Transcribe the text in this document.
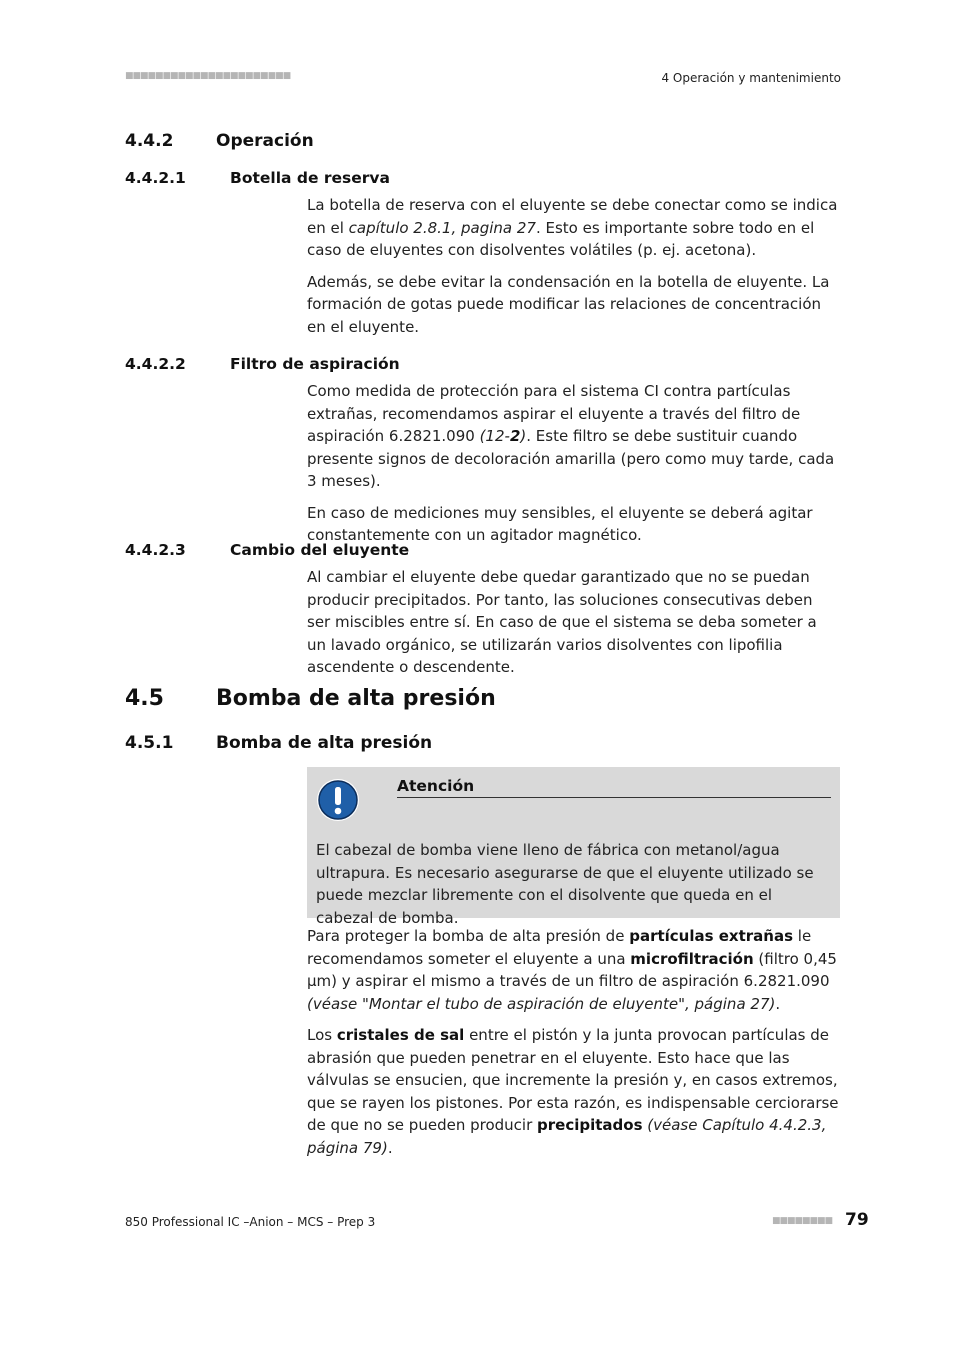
■■■■■■■■■■■■■■■■■■■■■■	4 Operación y mantenimiento
4.4.2	Operación
4.4.2.1	Botella de reserva

La botella de reserva con el eluyente se debe conectar como se indica en el capítulo 2.8.1, pagina 27. Esto es importante sobre todo en el caso de eluyentes con disolventes volátiles (p. ej. acetona).

Además, se debe evitar la condensación en la botella de eluyente. La formación de gotas puede modificar las relaciones de concentración en el eluyente.

4.4.2.2	Filtro de aspiración

Como medida de protección para el sistema CI contra partículas extrañas, recomendamos aspirar el eluyente a través del filtro de aspiración 6.2821.090 (12-2). Este filtro se debe sustituir cuando presente signos de decoloración amarilla (pero como muy tarde, cada 3 meses).

En caso de mediciones muy sensibles, el eluyente se deberá agitar constantemente con un agitador magnético.

4.4.2.3	Cambio del eluyente

Al cambiar el eluyente debe quedar garantizado que no se puedan producir precipitados. Por tanto, las soluciones consecutivas deben ser miscibles entre sí. En caso de que el sistema se deba someter a un lavado orgánico, se utilizarán varios disolventes con lipofilia ascendente o descendente.

4.5 Bomba de alta presión
4.5.1	Bomba de alta presión
Atención

El cabezal de bomba viene lleno de fábrica con metanol/agua ultrapura. Es necesario asegurarse de que el eluyente utilizado se puede mezclar libremente con el disolvente que queda en el cabezal de bomba.

Para proteger la bomba de alta presión de partículas extrañas le recomendamos someter el eluyente a una microfiltración (filtro 0,45 µm) y aspirar el mismo a través de un filtro de aspiración 6.2821.090 (véase "Montar el tubo de aspiración de eluyente", página 27).

Los cristales de sal entre el pistón y la junta provocan partículas de abrasión que pueden penetrar en el eluyente. Esto hace que las válvulas se ensucien, que incremente la presión y, en casos extremos, que se rayen los pistones. Por esta razón, es indispensable cerciorarse de que no se pueden producir precipitados (véase Capítulo 4.4.2.3, página 79).

850 Professional IC –Anion – MCS – Prep 3	■■■■■■■■ 79
